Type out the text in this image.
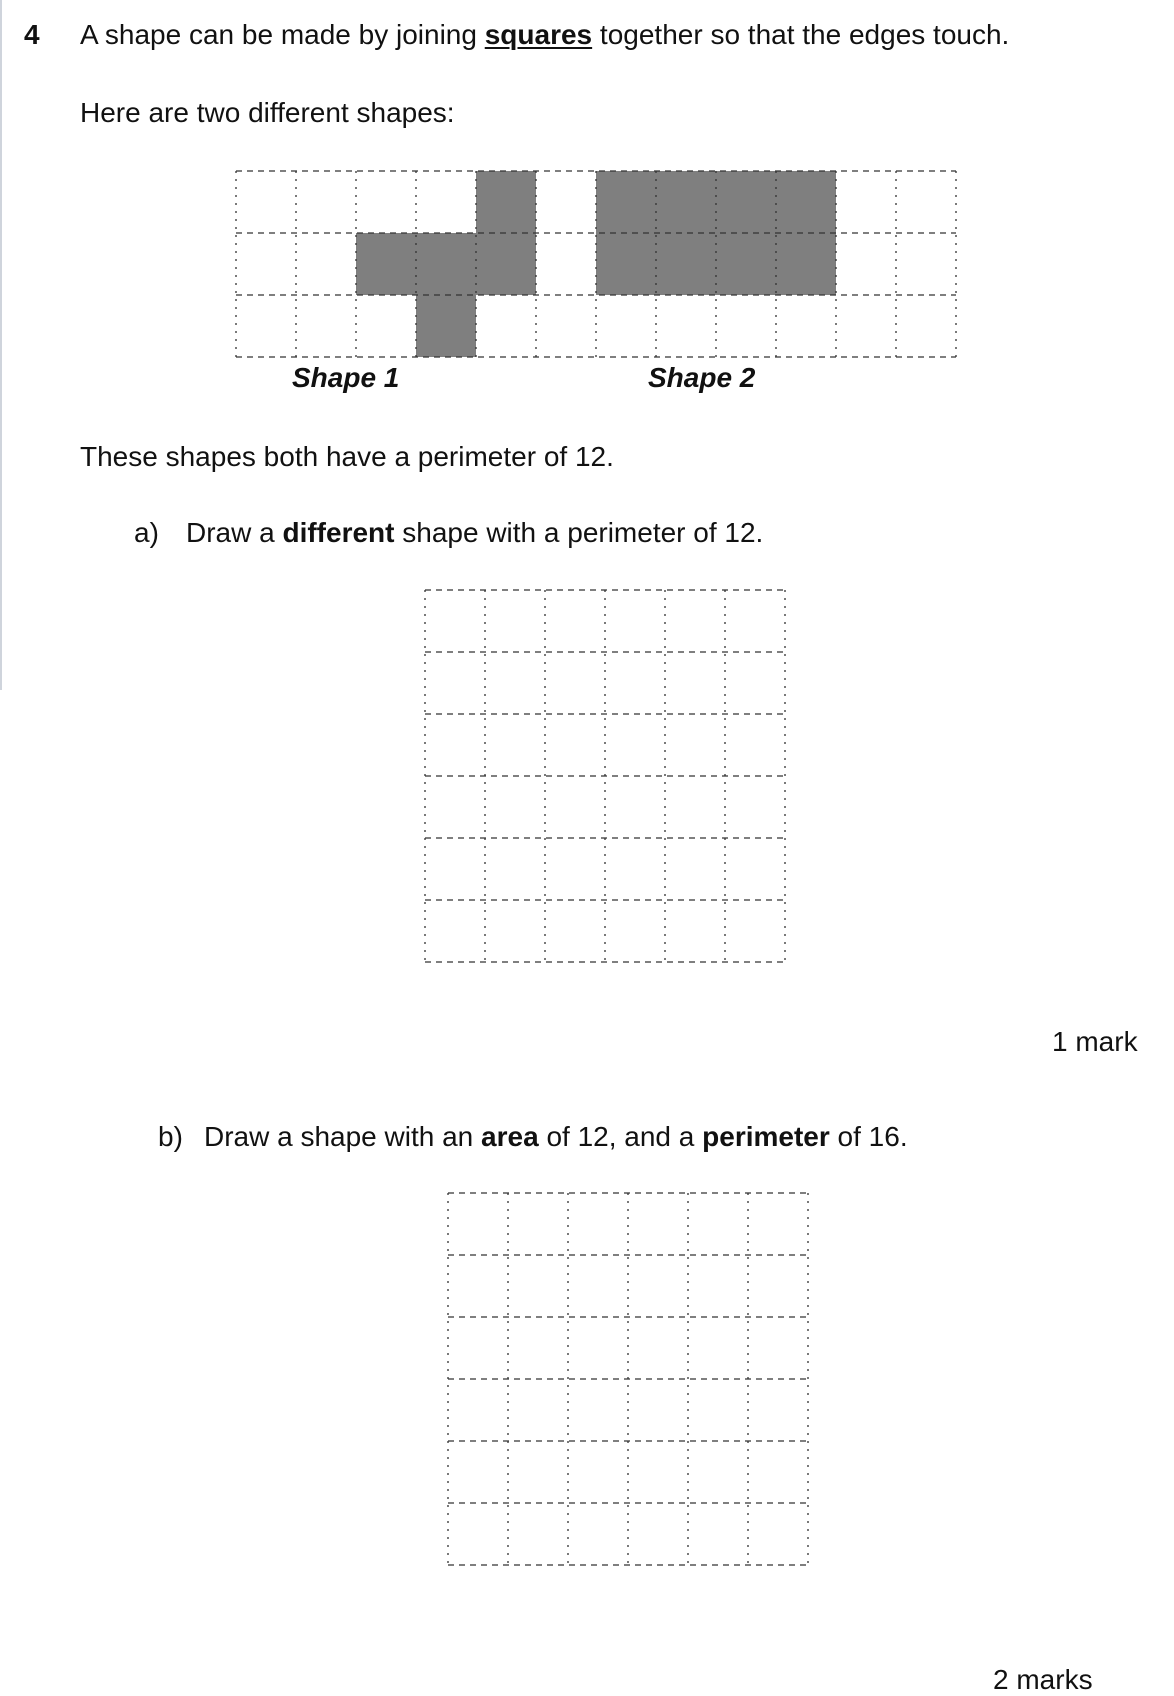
4 A shape can be made by joining squares together so that the edges touch.
Here are two different shapes:
Shape 1	Shape 2
These shapes both have a perimeter of 12.
a) Draw a different shape with a perimeter of 12.
1 mark
b) Draw a shape with an area of 12, and a perimeter of 16.
2 marks
